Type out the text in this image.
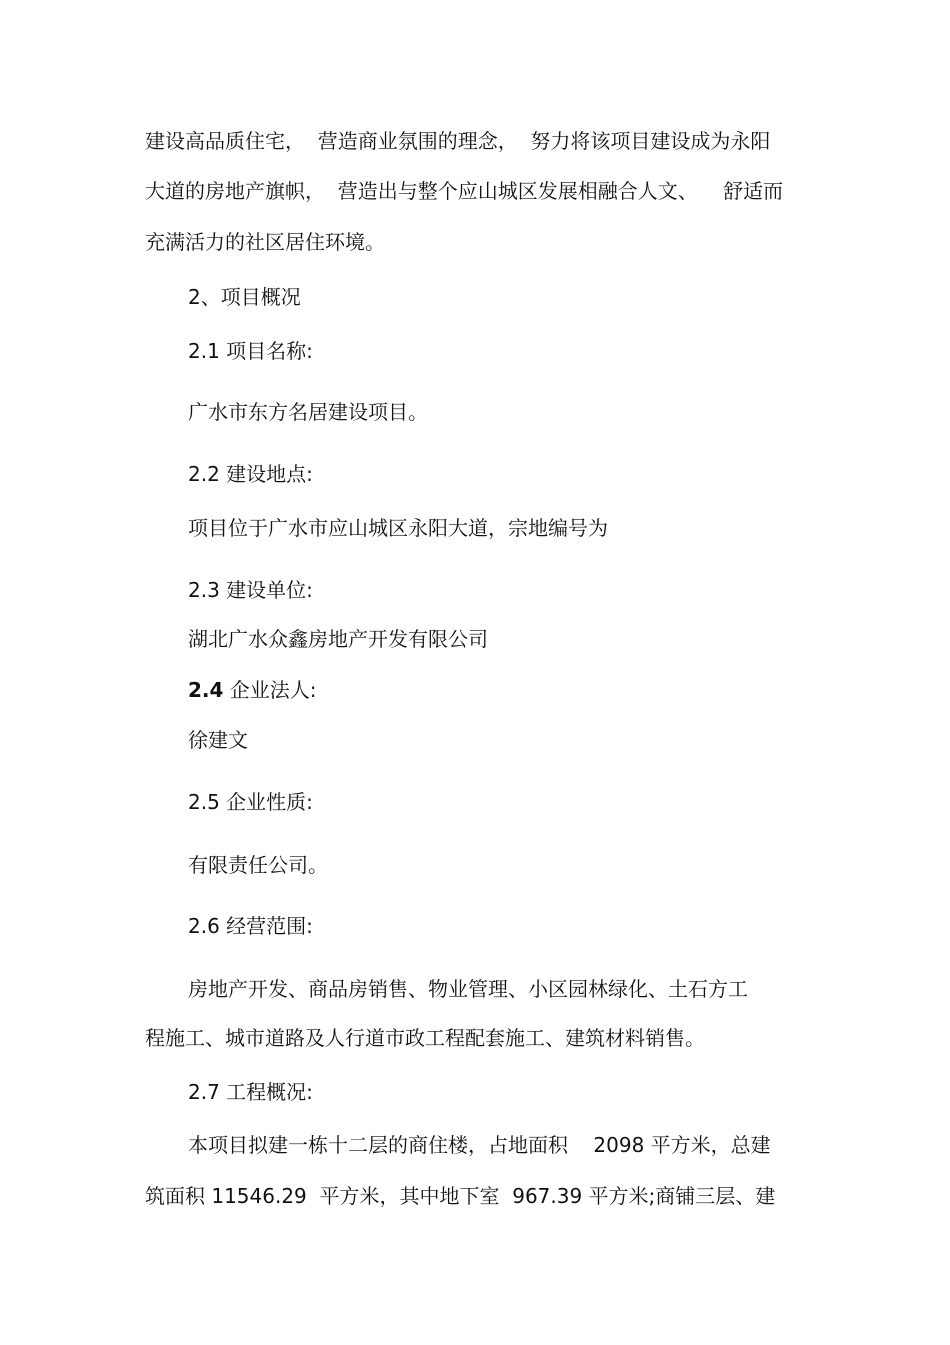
建设高品质住宅，  营造商业氛围的理念，  努力将该项目建设成为永阳
大道的房地产旗帜，  营造出与整个应山城区发展相融合人文、    舒适而
充满活力的社区居住环境。
2、项目概况
2.1 项目名称:
广水市东方名居建设项目。
2.2 建设地点:
项目位于广水市应山城区永阳大道，宗地编号为
2.3 建设单位:
湖北广水众鑫房地产开发有限公司
2.4 企业法人:
徐建文
2.5 企业性质:
有限责任公司。
2.6 经营范围:
房地产开发、商品房销售、物业管理、小区园林绿化、土石方工
程施工、城市道路及人行道市政工程配套施工、建筑材料销售。
2.7 工程概况:
本项目拟建一栋十二层的商住楼，占地面积    2098 平方米，总建
筑面积 11546.29  平方米，其中地下室  967.39 平方米;商铺三层、建
